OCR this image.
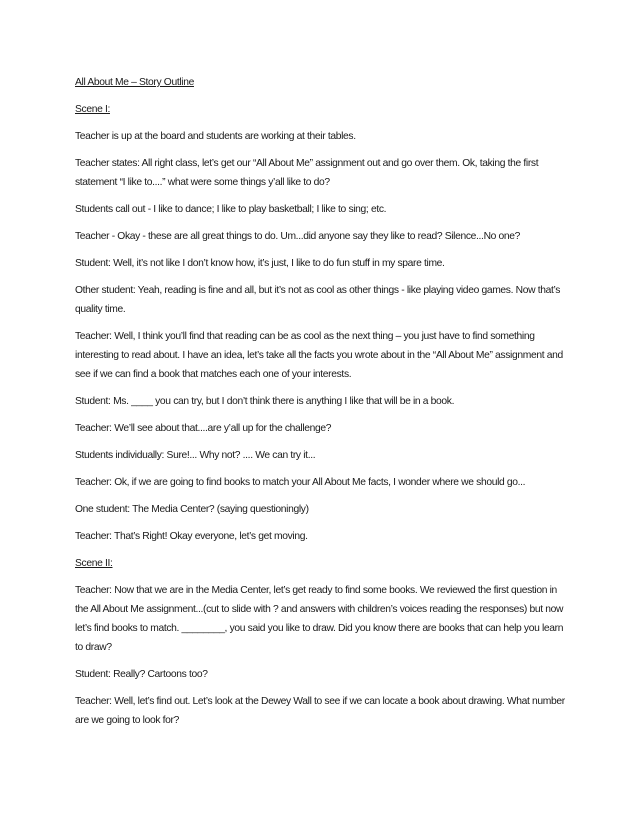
All About Me – Story Outline

Scene I:

Teacher is up at the board and students are working at their tables.

Teacher states: All right class, let’s get our “All About Me” assignment out and go over them. Ok, taking the first statement “I like to....” what were some things y’all like to do?

Students call out - I like to dance; I like to play basketball; I like to sing; etc.

Teacher - Okay - these are all great things to do. Um...did anyone say they like to read? Silence...No one?

Student: Well, it’s not like I don’t know how, it’s just, I like to do fun stuff in my spare time.

Other student: Yeah, reading is fine and all, but it’s not as cool as other things - like playing video games. Now that’s quality time.

Teacher: Well, I think you’ll find that reading can be as cool as the next thing – you just have to find something interesting to read about. I have an idea, let’s take all the facts you wrote about in the “All About Me” assignment and see if we can find a book that matches each one of your interests.

Student: Ms. ____ you can try, but I don’t think there is anything I like that will be in a book.

Teacher: We’ll see about that....are y’all up for the challenge?

Students individually: Sure!... Why not? .... We can try it...

Teacher: Ok, if we are going to find books to match your All About Me facts, I wonder where we should go...

One student: The Media Center? (saying questioningly)

Teacher: That’s Right! Okay everyone, let’s get moving.

Scene II:

Teacher: Now that we are in the Media Center, let’s get ready to find some books. We reviewed the first question in the All About Me assignment...(cut to slide with ? and answers with children’s voices reading the responses) but now let’s find books to match. ________, you said you like to draw. Did you know there are books that can help you learn to draw?

Student: Really? Cartoons too?

Teacher: Well, let’s find out. Let’s look at the Dewey Wall to see if we can locate a book about drawing. What number are we going to look for?
